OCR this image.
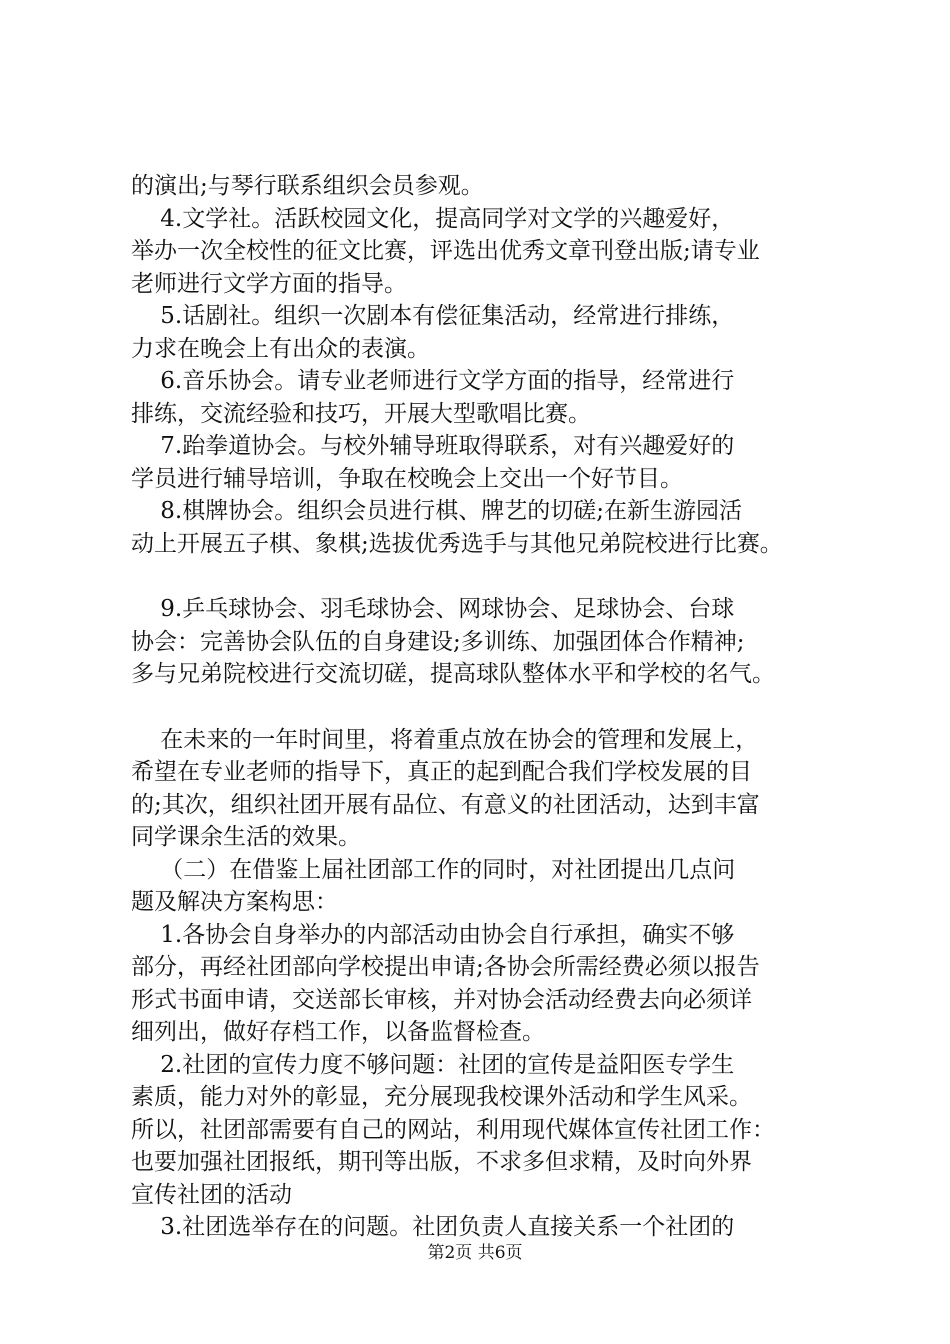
的演出;与琴行联系组织会员参观。
4.文学社。活跃校园文化，提高同学对文学的兴趣爱好，
举办一次全校性的征文比赛，评选出优秀文章刊登出版;请专业
老师进行文学方面的指导。
5.话剧社。组织一次剧本有偿征集活动，经常进行排练，
力求在晚会上有出众的表演。
6.音乐协会。请专业老师进行文学方面的指导，经常进行
排练，交流经验和技巧，开展大型歌唱比赛。
7.跆拳道协会。与校外辅导班取得联系，对有兴趣爱好的
学员进行辅导培训，争取在校晚会上交出一个好节目。
8.棋牌协会。组织会员进行棋、牌艺的切磋;在新生游园活
动上开展五子棋、象棋;选拔优秀选手与其他兄弟院校进行比赛。
9.乒乓球协会、羽毛球协会、网球协会、足球协会、台球
协会：完善协会队伍的自身建设;多训练、加强团体合作精神;
多与兄弟院校进行交流切磋，提高球队整体水平和学校的名气。
在未来的一年时间里，将着重点放在协会的管理和发展上，
希望在专业老师的指导下，真正的起到配合我们学校发展的目
的;其次，组织社团开展有品位、有意义的社团活动，达到丰富
同学课余生活的效果。
（二）在借鉴上届社团部工作的同时，对社团提出几点问
题及解决方案构思：
1.各协会自身举办的内部活动由协会自行承担，确实不够
部分，再经社团部向学校提出申请;各协会所需经费必须以报告
形式书面申请，交送部长审核，并对协会活动经费去向必须详
细列出，做好存档工作，以备监督检查。
2.社团的宣传力度不够问题：社团的宣传是益阳医专学生
素质，能力对外的彰显，充分展现我校课外活动和学生风采。
所以，社团部需要有自己的网站，利用现代媒体宣传社团工作：
也要加强社团报纸，期刊等出版，不求多但求精，及时向外界
宣传社团的活动
3.社团选举存在的问题。社团负责人直接关系一个社团的
第2页 共6页
